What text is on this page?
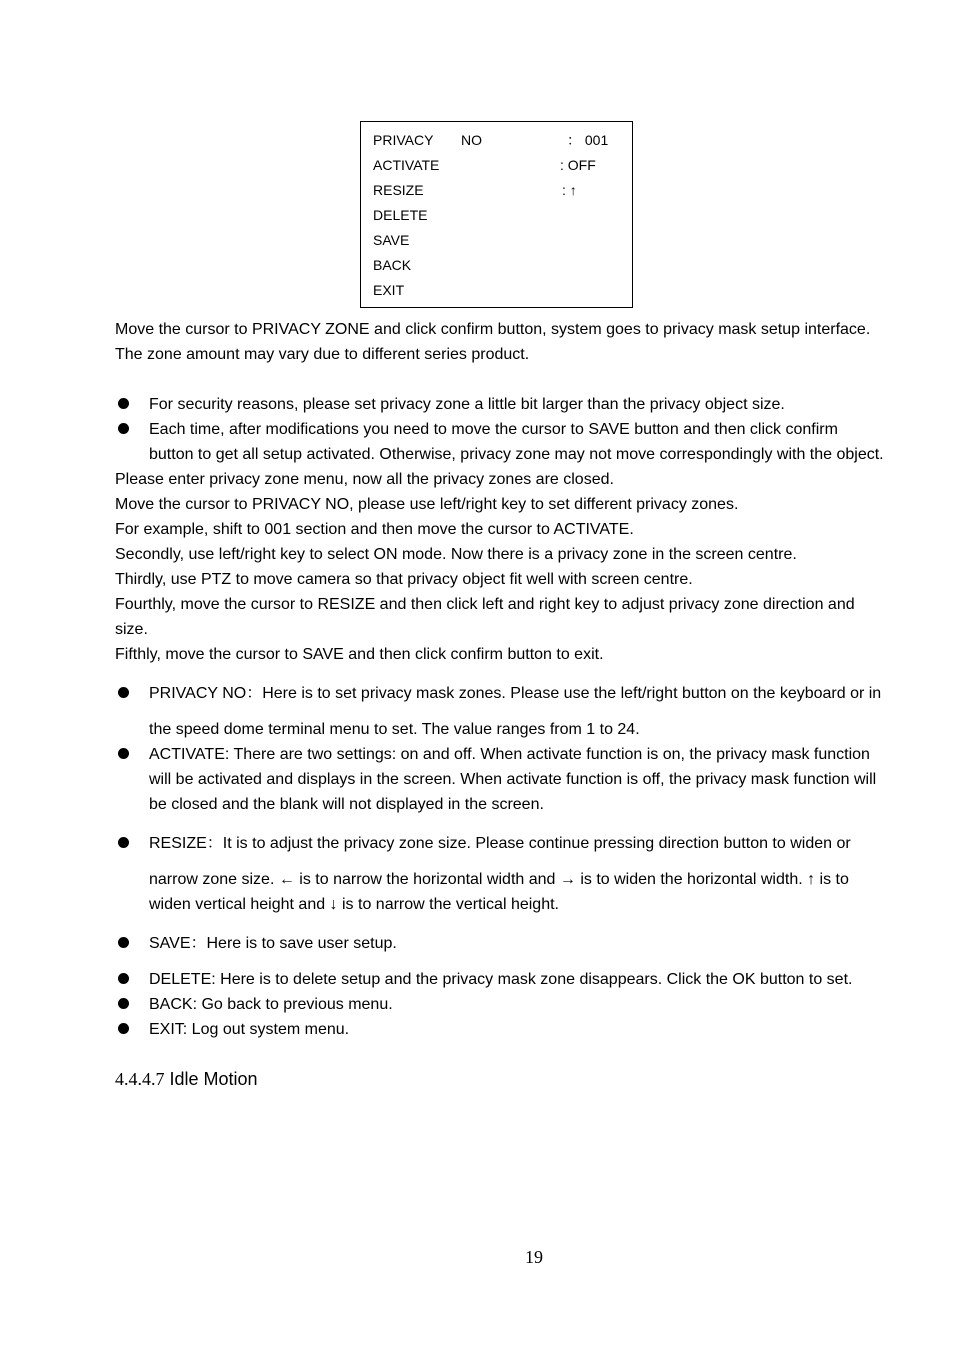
PRIVACY NO	： 001
ACTIVATE	: OFF
RESIZE	: ↑
DELETE
SAVE
BACK
EXIT
Move the cursor to PRIVACY ZONE and click confirm button, system goes to privacy mask setup interface.
The zone amount may vary due to different series product.
For security reasons, please set privacy zone a little bit larger than the privacy object size.
Each time, after modifications you need to move the cursor to SAVE button and then click confirm
button to get all setup activated. Otherwise, privacy zone may not move correspondingly with the object.
Please enter privacy zone menu, now all the privacy zones are closed.
Move the cursor to PRIVACY NO, please use left/right key to set different privacy zones.
For example, shift to 001 section and then move the cursor to ACTIVATE.
Secondly, use left/right key to select ON mode. Now there is a privacy zone in the screen centre.
Thirdly, use PTZ to move camera so that privacy object fit well with screen centre.
Fourthly, move the cursor to RESIZE and then click left and right key to adjust privacy zone direction and
size.
Fifthly, move the cursor to SAVE and then click confirm button to exit.
PRIVACY NO：Here is to set privacy mask zones. Please use the left/right button on the keyboard or in
the speed dome terminal menu to set. The value ranges from 1 to 24.
ACTIVATE: There are two settings: on and off. When activate function is on, the privacy mask function
will be activated and displays in the screen. When activate function is off, the privacy mask function will
be closed and the blank will not displayed in the screen.
RESIZE：It is to adjust the privacy zone size. Please continue pressing direction button to widen or
narrow zone size. ← is to narrow the horizontal width and → is to widen the horizontal width. ↑ is to
widen vertical height and ↓ is to narrow the vertical height.
SAVE：Here is to save user setup.
DELETE: Here is to delete setup and the privacy mask zone disappears. Click the OK button to set.
BACK: Go back to previous menu.
EXIT: Log out system menu.
4.4.4.7 Idle Motion
19
